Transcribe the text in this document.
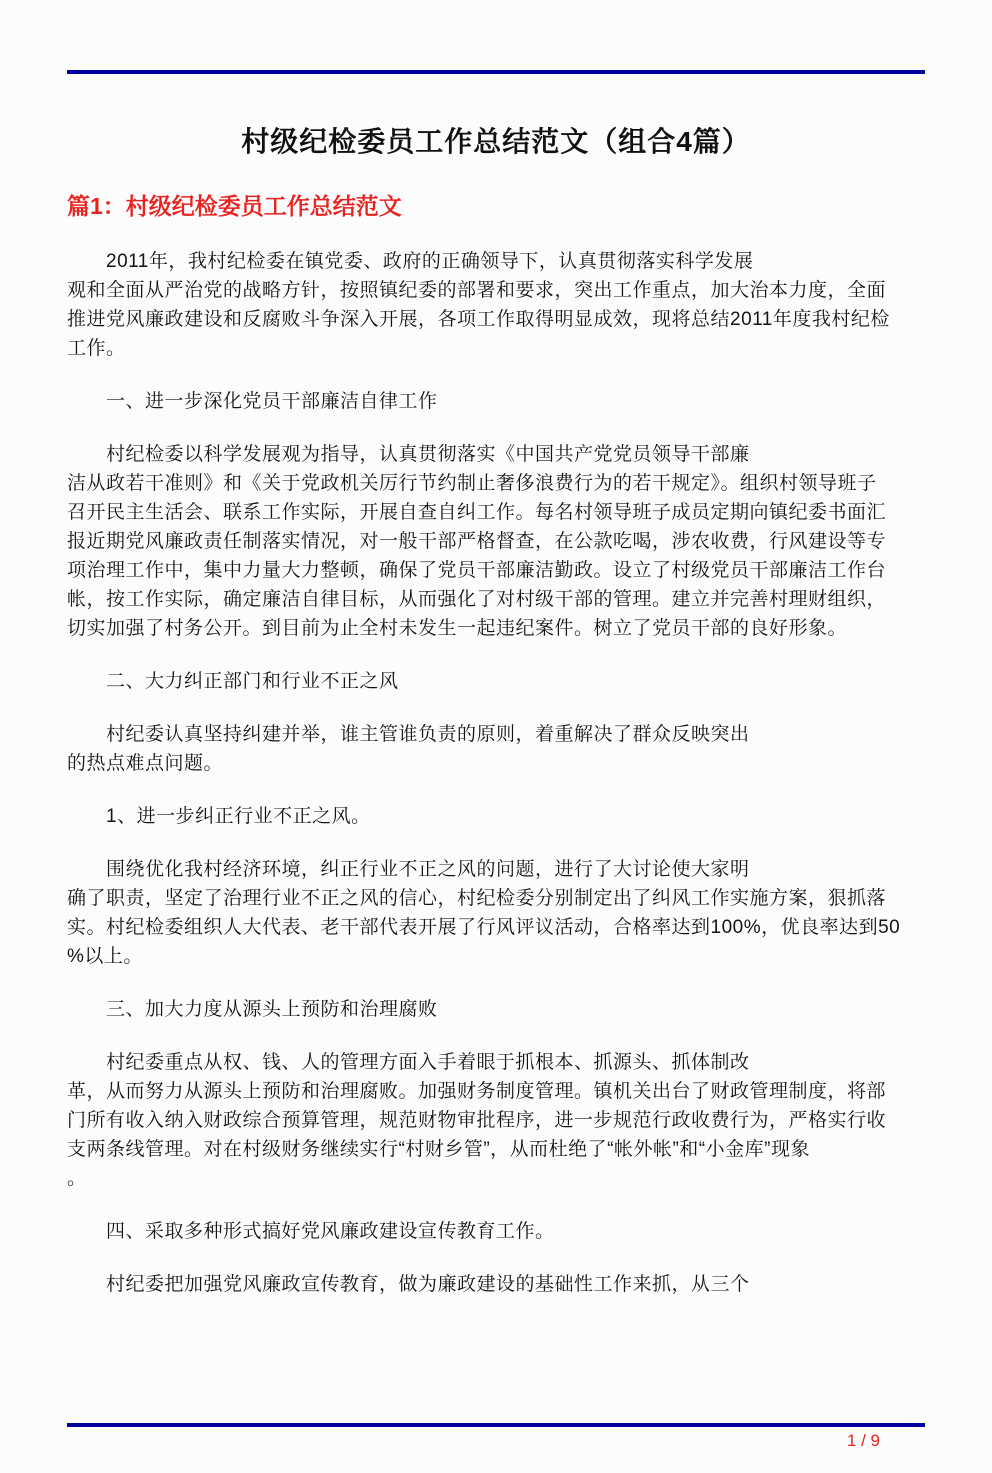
村级纪检委员工作总结范文（组合4篇）
篇1：村级纪检委员工作总结范文
2011年，我村纪检委在镇党委、政府的正确领导下，认真贯彻落实科学发展
观和全面从严治党的战略方针，按照镇纪委的部署和要求，突出工作重点，加大治本力度，全面
推进党风廉政建设和反腐败斗争深入开展，各项工作取得明显成效，现将总结2011年度我村纪检
工作。
一、进一步深化党员干部廉洁自律工作
村纪检委以科学发展观为指导，认真贯彻落实《中国共产党党员领导干部廉
洁从政若干准则》和《关于党政机关厉行节约制止奢侈浪费行为的若干规定》。组织村领导班子
召开民主生活会、联系工作实际，开展自查自纠工作。每名村领导班子成员定期向镇纪委书面汇
报近期党风廉政责任制落实情况，对一般干部严格督查，在公款吃喝，涉农收费，行风建设等专
项治理工作中，集中力量大力整顿，确保了党员干部廉洁勤政。设立了村级党员干部廉洁工作台
帐，按工作实际，确定廉洁自律目标，从而强化了对村级干部的管理。建立并完善村理财组织，
切实加强了村务公开。到目前为止全村未发生一起违纪案件。树立了党员干部的良好形象。
二、大力纠正部门和行业不正之风
村纪委认真坚持纠建并举，谁主管谁负责的原则，着重解决了群众反映突出
的热点难点问题。
1、进一步纠正行业不正之风。
围绕优化我村经济环境，纠正行业不正之风的问题，进行了大讨论使大家明
确了职责，坚定了治理行业不正之风的信心，村纪检委分别制定出了纠风工作实施方案，狠抓落
实。村纪检委组织人大代表、老干部代表开展了行风评议活动，合格率达到100%，优良率达到50
%以上。
三、加大力度从源头上预防和治理腐败
村纪委重点从权、钱、人的管理方面入手着眼于抓根本、抓源头、抓体制改
革，从而努力从源头上预防和治理腐败。加强财务制度管理。镇机关出台了财政管理制度，将部
门所有收入纳入财政综合预算管理，规范财物审批程序，进一步规范行政收费行为，严格实行收
支两条线管理。对在村级财务继续实行“村财乡管”，从而杜绝了“帐外帐”和“小金库”现象
。
四、采取多种形式搞好党风廉政建设宣传教育工作。
村纪委把加强党风廉政宣传教育，做为廉政建设的基础性工作来抓，从三个
1 / 9
